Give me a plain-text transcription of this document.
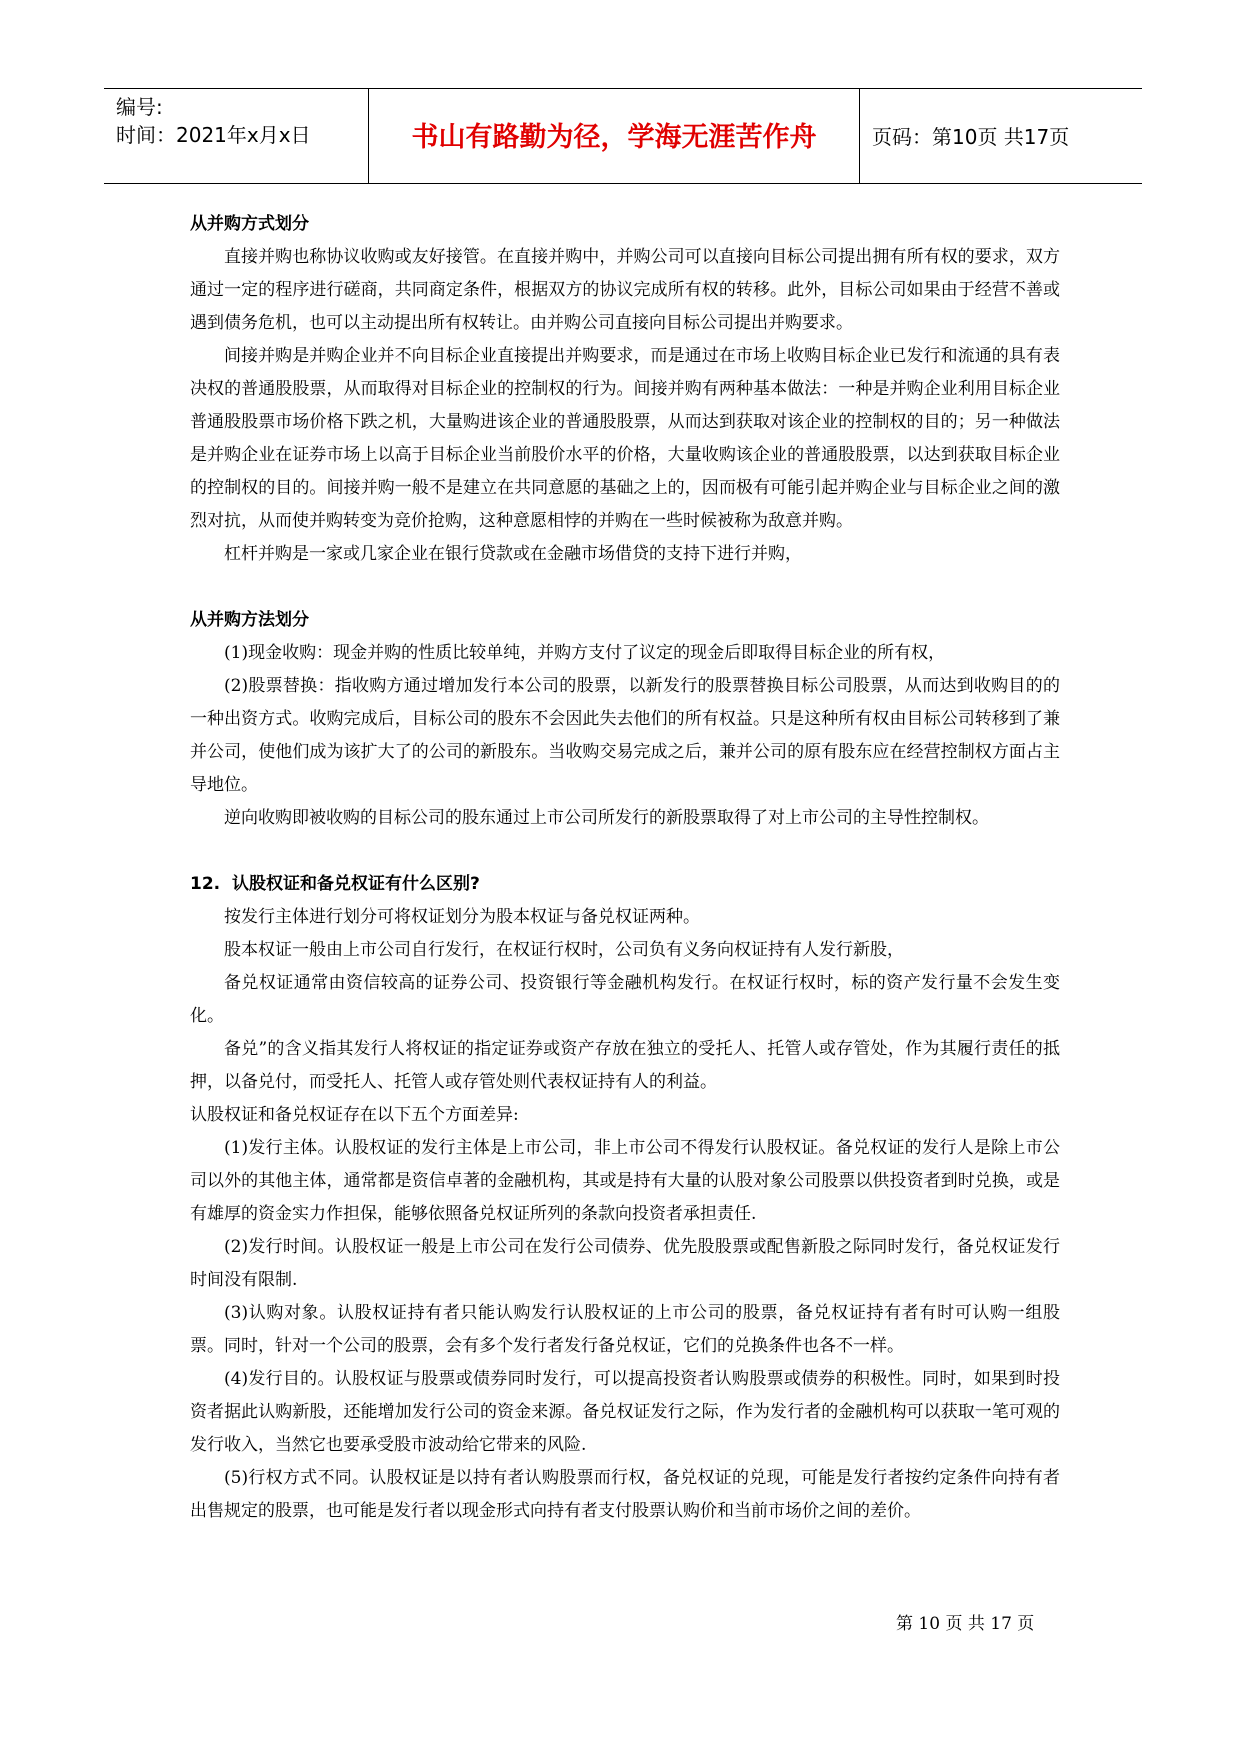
编号:
时间：2021年x月x日	书山有路勤为径，学海无涯苦作舟	页码：第10页 共17页
从并购方式划分

直接并购也称协议收购或友好接管。在直接并购中，并购公司可以直接向目标公司提出拥有所有权的要求，双方通过一定的程序进行磋商，共同商定条件，根据双方的协议完成所有权的转移。此外，目标公司如果由于经营不善或遇到债务危机，也可以主动提出所有权转让。由并购公司直接向目标公司提出并购要求。

间接并购是并购企业并不向目标企业直接提出并购要求，而是通过在市场上收购目标企业已发行和流通的具有表决权的普通股股票，从而取得对目标企业的控制权的行为。间接并购有两种基本做法：一种是并购企业利用目标企业普通股股票市场价格下跌之机，大量购进该企业的普通股股票，从而达到获取对该企业的控制权的目的；另一种做法是并购企业在证券市场上以高于目标企业当前股价水平的价格，大量收购该企业的普通股股票，以达到获取目标企业的控制权的目的。间接并购一般不是建立在共同意愿的基础之上的，因而极有可能引起并购企业与目标企业之间的激烈对抗，从而使并购转变为竞价抢购，这种意愿相悖的并购在一些时候被称为敌意并购。

杠杆并购是一家或几家企业在银行贷款或在金融市场借贷的支持下进行并购，

从并购方法划分

(1)现金收购：现金并购的性质比较单纯，并购方支付了议定的现金后即取得目标企业的所有权，

(2)股票替换：指收购方通过增加发行本公司的股票，以新发行的股票替换目标公司股票，从而达到收购目的的一种出资方式。收购完成后，目标公司的股东不会因此失去他们的所有权益。只是这种所有权由目标公司转移到了兼并公司，使他们成为该扩大了的公司的新股东。当收购交易完成之后，兼并公司的原有股东应在经营控制权方面占主导地位。

逆向收购即被收购的目标公司的股东通过上市公司所发行的新股票取得了对上市公司的主导性控制权。

12. 认股权证和备兑权证有什么区别?

按发行主体进行划分可将权证划分为股本权证与备兑权证两种。

股本权证一般由上市公司自行发行，在权证行权时，公司负有义务向权证持有人发行新股，

备兑权证通常由资信较高的证券公司、投资银行等金融机构发行。在权证行权时，标的资产发行量不会发生变化。

备兑”的含义指其发行人将权证的指定证券或资产存放在独立的受托人、托管人或存管处，作为其履行责任的抵押，以备兑付，而受托人、托管人或存管处则代表权证持有人的利益。

认股权证和备兑权证存在以下五个方面差异:

(1)发行主体。认股权证的发行主体是上市公司，非上市公司不得发行认股权证。备兑权证的发行人是除上市公司以外的其他主体，通常都是资信卓著的金融机构，其或是持有大量的认股对象公司股票以供投资者到时兑换，或是有雄厚的资金实力作担保，能够依照备兑权证所列的条款向投资者承担责任.

(2)发行时间。认股权证一般是上市公司在发行公司债券、优先股股票或配售新股之际同时发行，备兑权证发行时间没有限制.

(3)认购对象。认股权证持有者只能认购发行认股权证的上市公司的股票，备兑权证持有者有时可认购一组股票。同时，针对一个公司的股票，会有多个发行者发行备兑权证，它们的兑换条件也各不一样。

(4)发行目的。认股权证与股票或债券同时发行，可以提高投资者认购股票或债券的积极性。同时，如果到时投资者据此认购新股，还能增加发行公司的资金来源。备兑权证发行之际，作为发行者的金融机构可以获取一笔可观的发行收入，当然它也要承受股市波动给它带来的风险.

(5)行权方式不同。认股权证是以持有者认购股票而行权，备兑权证的兑现，可能是发行者按约定条件向持有者出售规定的股票，也可能是发行者以现金形式向持有者支付股票认购价和当前市场价之间的差价。

第 10 页 共 17 页
